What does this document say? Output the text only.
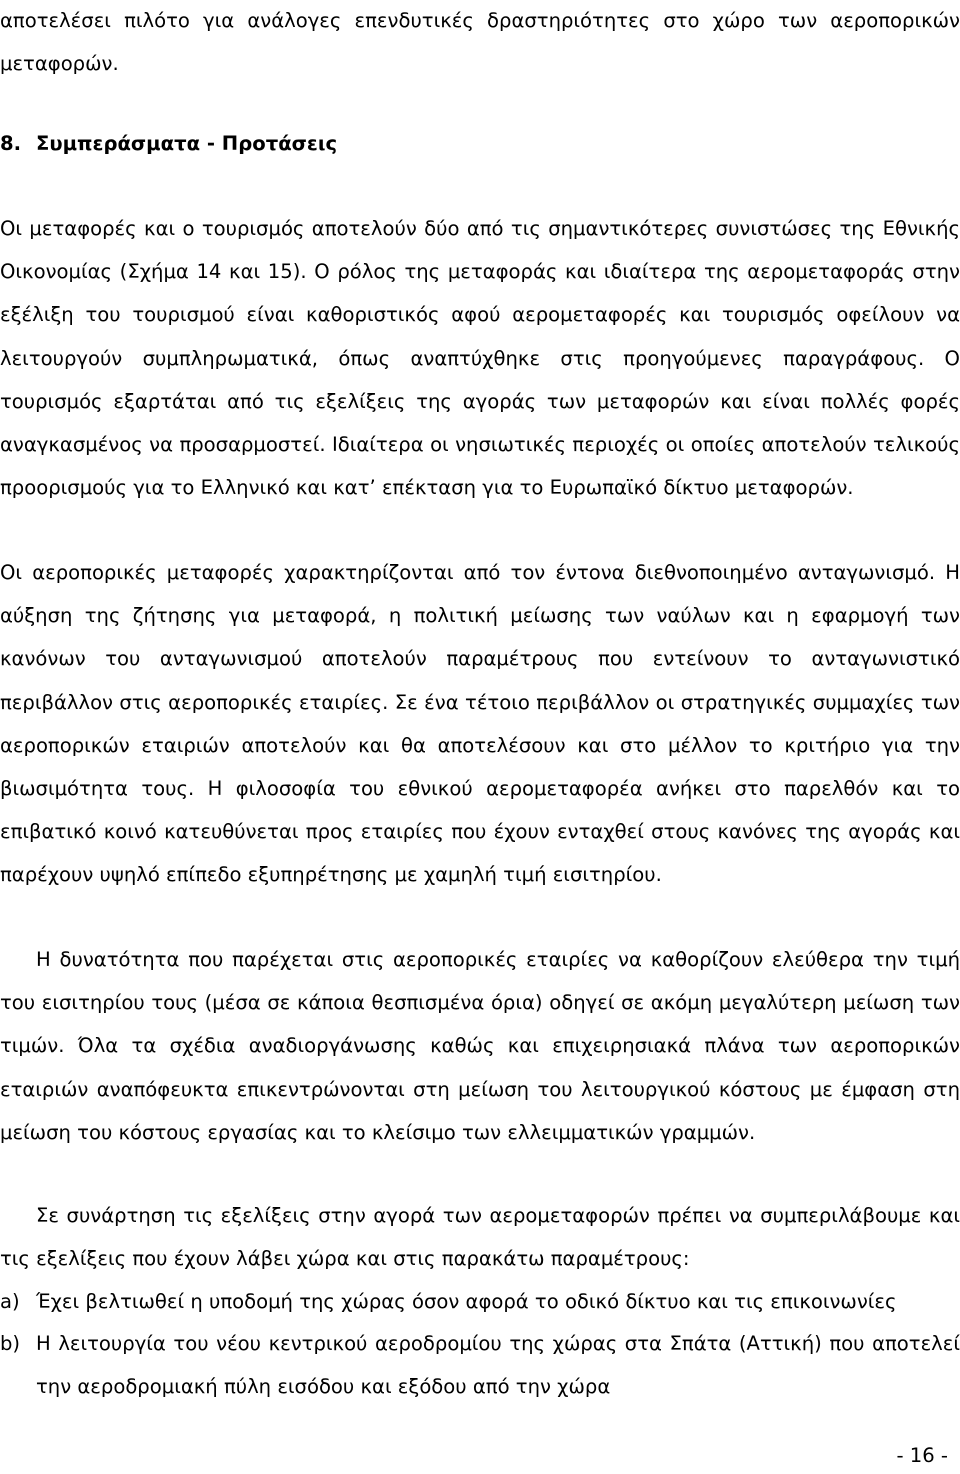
αποτελέσει πιλότο για ανάλογες επενδυτικές δραστηριότητες στο χώρο των αεροπορικών μεταφορών.

8. Συμπεράσματα - Προτάσεις

Οι μεταφορές και ο τουρισμός αποτελούν δύο από τις σημαντικότερες συνιστώσες της Εθνικής Οικονομίας (Σχήμα 14 και 15). Ο ρόλος της μεταφοράς και ιδιαίτερα της αερομεταφοράς στην εξέλιξη του τουρισμού είναι καθοριστικός αφού αερομεταφορές και τουρισμός οφείλουν να λειτουργούν συμπληρωματικά, όπως αναπτύχθηκε στις προηγούμενες παραγράφους. Ο τουρισμός εξαρτάται από τις εξελίξεις της αγοράς των μεταφορών και είναι πολλές φορές αναγκασμένος να προσαρμοστεί. Ιδιαίτερα οι νησιωτικές περιοχές οι οποίες αποτελούν τελικούς προορισμούς για το Ελληνικό και κατ’ επέκταση για το Ευρωπαϊκό δίκτυο μεταφορών.

Οι αεροπορικές μεταφορές χαρακτηρίζονται από τον έντονα διεθνοποιημένο ανταγωνισμό. Η αύξηση της ζήτησης για μεταφορά, η πολιτική μείωσης των ναύλων και η εφαρμογή των κανόνων του ανταγωνισμού αποτελούν παραμέτρους που εντείνουν το ανταγωνιστικό περιβάλλον στις αεροπορικές εταιρίες. Σε ένα τέτοιο περιβάλλον οι στρατηγικές συμμαχίες των αεροπορικών εταιριών αποτελούν και θα αποτελέσουν και στο μέλλον το κριτήριο για την βιωσιμότητα τους. Η φιλοσοφία του εθνικού αερομεταφορέα ανήκει στο παρελθόν και το επιβατικό κοινό κατευθύνεται προς εταιρίες που έχουν ενταχθεί στους κανόνες της αγοράς και παρέχουν υψηλό επίπεδο εξυπηρέτησης με χαμηλή τιμή εισιτηρίου.

Η δυνατότητα που παρέχεται στις αεροπορικές εταιρίες να καθορίζουν ελεύθερα την τιμή του εισιτηρίου τους (μέσα σε κάποια θεσπισμένα όρια) οδηγεί σε ακόμη μεγαλύτερη μείωση των τιμών. Όλα τα σχέδια αναδιοργάνωσης καθώς και επιχειρησιακά πλάνα των αεροπορικών εταιριών αναπόφευκτα επικεντρώνονται στη μείωση του λειτουργικού κόστους με έμφαση στη μείωση του κόστους εργασίας και το κλείσιμο των ελλειμματικών γραμμών.

Σε συνάρτηση τις εξελίξεις στην αγορά των αερομεταφορών πρέπει να συμπεριλάβουμε και τις εξελίξεις που έχουν λάβει χώρα και στις παρακάτω παραμέτρους:

a) Έχει βελτιωθεί η υποδομή της χώρας όσον αφορά το οδικό δίκτυο και τις επικοινωνίες
b) Η λειτουργία του νέου κεντρικού αεροδρομίου της χώρας στα Σπάτα (Αττική) που αποτελεί την αεροδρομιακή πύλη εισόδου και εξόδου από την χώρα
- 16 -
